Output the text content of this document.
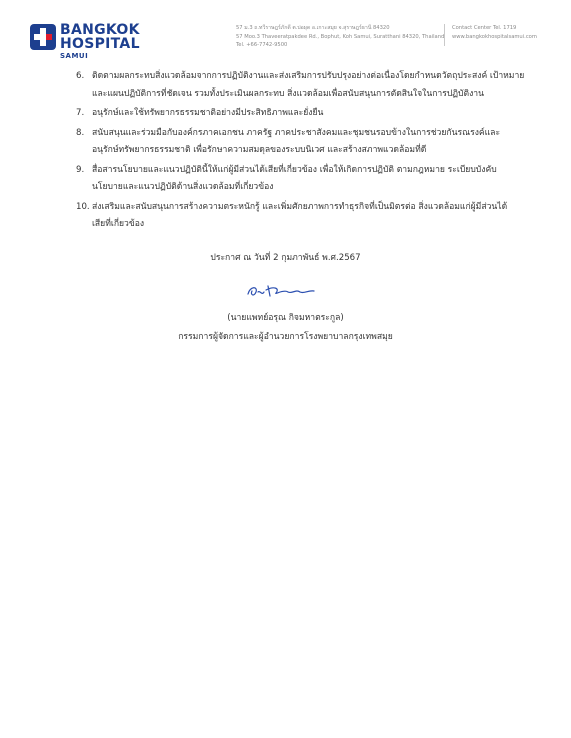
BANGKOK
HOSPITAL
SAMUI
57 ม.3 ถ.ทวีราษฎร์ภักดี ต.บ่อผุด อ.เกาะสมุย จ.สุราษฎร์ธานี 84320
57 Moo.3 Thaveeratpakdee Rd., Bophut, Koh Samui, Suratthani 84320, Thailand
Tel. +66-7742-9500
Contact Center Tel. 1719
www.bangkokhospitalsamui.com
6. ติดตามผลกระทบสิ่งแวดล้อมจากการปฏิบัติงานและส่งเสริมการปรับปรุงอย่างต่อเนื่องโดยกำหนดวัตถุประสงค์ เป้าหมาย
และแผนปฏิบัติการที่ชัดเจน รวมทั้งประเมินผลกระทบ สิ่งแวดล้อมเพื่อสนับสนุนการตัดสินใจในการปฏิบัติงาน
7. อนุรักษ์และใช้ทรัพยากรธรรมชาติอย่างมีประสิทธิภาพและยั่งยืน
8. สนับสนุนและร่วมมือกับองค์กรภาคเอกชน ภาครัฐ ภาคประชาสังคมและชุมชนรอบข้างในการช่วยกันรณรงค์และ
อนุรักษ์ทรัพยากรธรรมชาติ เพื่อรักษาความสมดุลของระบบนิเวศ และสร้างสภาพแวดล้อมที่ดี
9. สื่อสารนโยบายและแนวปฏิบัตินี้ให้แก่ผู้มีส่วนได้เสียที่เกี่ยวข้อง เพื่อให้เกิดการปฏิบัติ ตามกฎหมาย ระเบียบบังคับ
นโยบายและแนวปฏิบัติด้านสิ่งแวดล้อมที่เกี่ยวข้อง
10. ส่งเสริมและสนับสนุนการสร้างความตระหนักรู้ และเพิ่มศักยภาพการทำธุรกิจที่เป็นมิตรต่อ สิ่งแวดล้อมแก่ผู้มีส่วนได้
เสียที่เกี่ยวข้อง
ประกาศ ณ วันที่ 2 กุมภาพันธ์ พ.ศ.2567
(นายแพทย์อรุณ กิจมหาตระกูล)
กรรมการผู้จัดการและผู้อำนวยการโรงพยาบาลกรุงเทพสมุย
